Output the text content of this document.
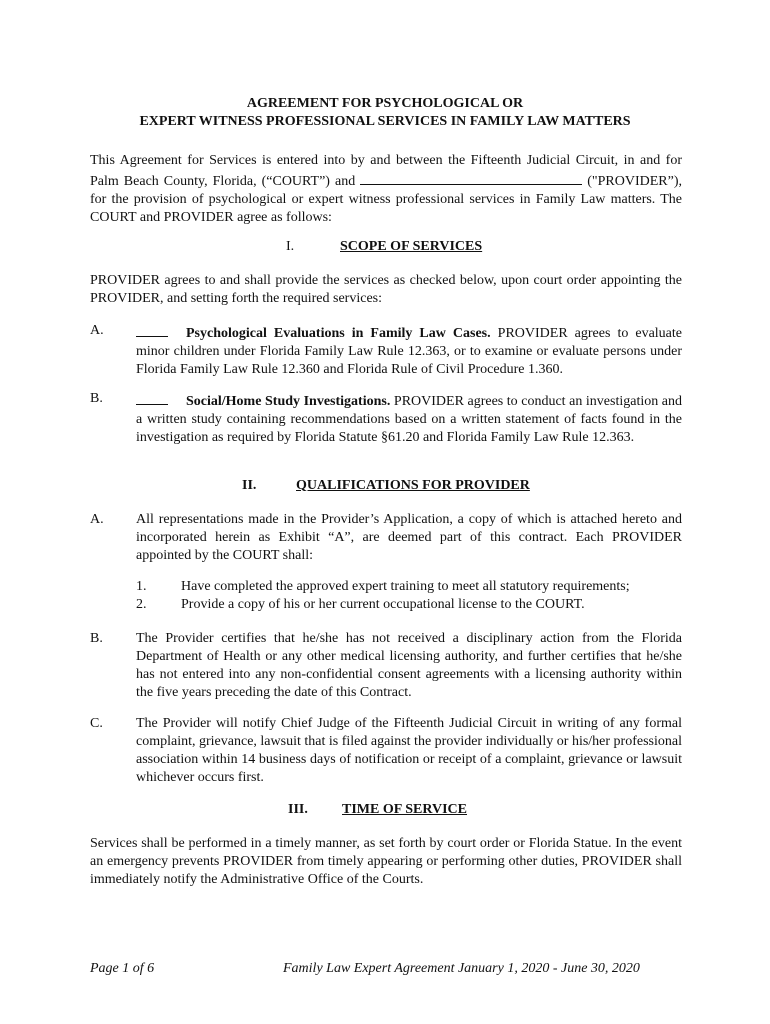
AGREEMENT FOR PSYCHOLOGICAL OR
EXPERT WITNESS PROFESSIONAL SERVICES IN FAMILY LAW MATTERS
This Agreement for Services is entered into by and between the Fifteenth Judicial Circuit, in and for Palm Beach County, Florida, (“COURT”) and	("PROVIDER”), for the provision of psychological or expert witness professional services in Family Law matters. The COURT and PROVIDER agree as follows:
I.	SCOPE OF SERVICES
PROVIDER agrees to and shall provide the services as checked below, upon court order appointing the PROVIDER, and setting forth the required services:
A.	Psychological Evaluations in Family Law Cases. PROVIDER agrees to evaluate minor children under Florida Family Law Rule 12.363, or to examine or evaluate persons under Florida Family Law Rule 12.360 and Florida Rule of Civil Procedure 1.360.
B.	Social/Home Study Investigations. PROVIDER agrees to conduct an investigation and a written study containing recommendations based on a written statement of facts found in the investigation as required by Florida Statute §61.20 and Florida Family Law Rule 12.363.
II.	QUALIFICATIONS FOR PROVIDER
A. All representations made in the Provider’s Application, a copy of which is attached hereto and incorporated herein as Exhibit “A”, are deemed part of this contract. Each PROVIDER appointed by the COURT shall:
1. Have completed the approved expert training to meet all statutory requirements;
2. Provide a copy of his or her current occupational license to the COURT.
B. The Provider certifies that he/she has not received a disciplinary action from the Florida Department of Health or any other medical licensing authority, and further certifies that he/she has not entered into any non-confidential consent agreements with a licensing authority within the five years preceding the date of this Contract.
C. The Provider will notify Chief Judge of the Fifteenth Judicial Circuit in writing of any formal complaint, grievance, lawsuit that is filed against the provider individually or his/her professional association within 14 business days of notification or receipt of a complaint, grievance or lawsuit whichever occurs first.
III. TIME OF SERVICE
Services shall be performed in a timely manner, as set forth by court order or Florida Statue. In the event an emergency prevents PROVIDER from timely appearing or performing other duties, PROVIDER shall immediately notify the Administrative Office of the Courts.
Page 1 of 6	Family Law Expert Agreement January 1, 2020 - June 30, 2020
